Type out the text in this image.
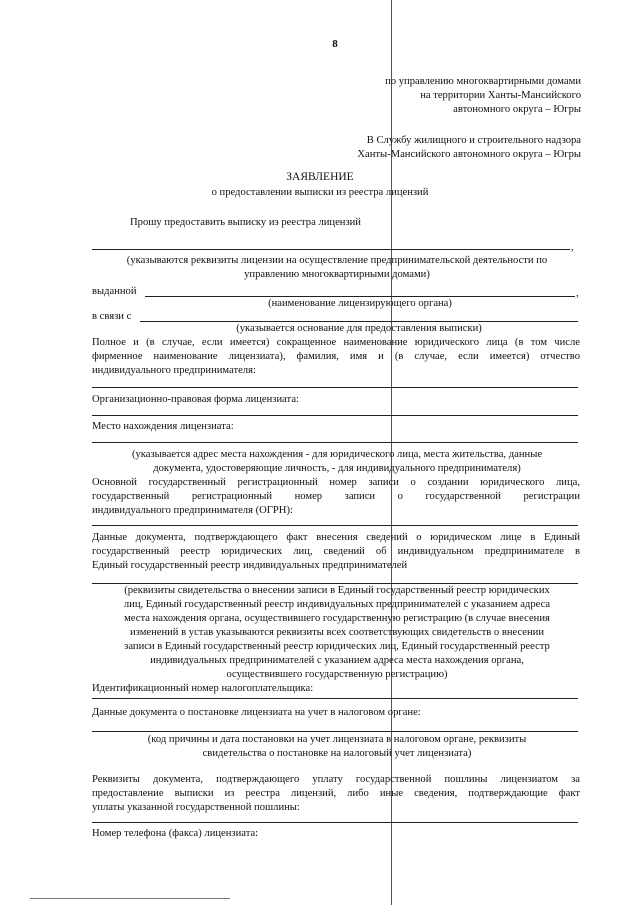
8
по управлению многоквартирными домами
на территории Ханты-Мансийского
автономного округа – Югры
В Службу жилищного и строительного надзора
Ханты-Мансийского автономного округа – Югры
ЗАЯВЛЕНИЕ
о предоставлении выписки из реестра лицензий
Прошу предоставить выписку из реестра лицензий
,
(указываются реквизиты лицензии на осуществление предпринимательской деятельности по
управлению многоквартирными домами)
выданной	,
(наименование лицензирующего органа)
в связи с
(указывается основание для предоставления выписки)
Полное и (в случае, если имеется) сокращенное наименование юридического лица (в том числе
фирменное наименование лицензиата), фамилия, имя и (в случае, если имеется) отчество
индивидуального предпринимателя:
Организационно-правовая форма лицензиата:
Место нахождения лицензиата:
(указывается адрес места нахождения - для юридического лица, места жительства, данные
документа, удостоверяющие личность, - для индивидуального предпринимателя)
Основной государственный регистрационный номер записи о создании юридического лица,
государственный регистрационный номер записи о государственной регистрации
индивидуального предпринимателя (ОГРН):
Данные документа, подтверждающего факт внесения сведений о юридическом лице в Единый
государственный реестр юридических лиц, сведений об индивидуальном предпринимателе в
Единый государственный реестр индивидуальных предпринимателей
(реквизиты свидетельства о внесении записи в Единый государственный реестр юридических
лиц, Единый государственный реестр индивидуальных предпринимателей с указанием адреса
места нахождения органа, осуществившего государственную регистрацию (в случае внесения
изменений в устав указываются реквизиты всех соответствующих свидетельств о внесении
записи в Единый государственный реестр юридических лиц, Единый государственный реестр
индивидуальных предпринимателей с указанием адреса места нахождения органа,
осуществившего государственную регистрацию)
Идентификационный номер налогоплательщика:
Данные документа о постановке лицензиата на учет в налоговом органе:
(код причины и дата постановки на учет лицензиата в налоговом органе, реквизиты
свидетельства о постановке на налоговый учет лицензиата)
Реквизиты документа, подтверждающего уплату государственной пошлины лицензиатом за
предоставление выписки из реестра лицензий, либо иные сведения, подтверждающие факт
уплаты указанной государственной пошлины:
Номер телефона (факса) лицензиата:
